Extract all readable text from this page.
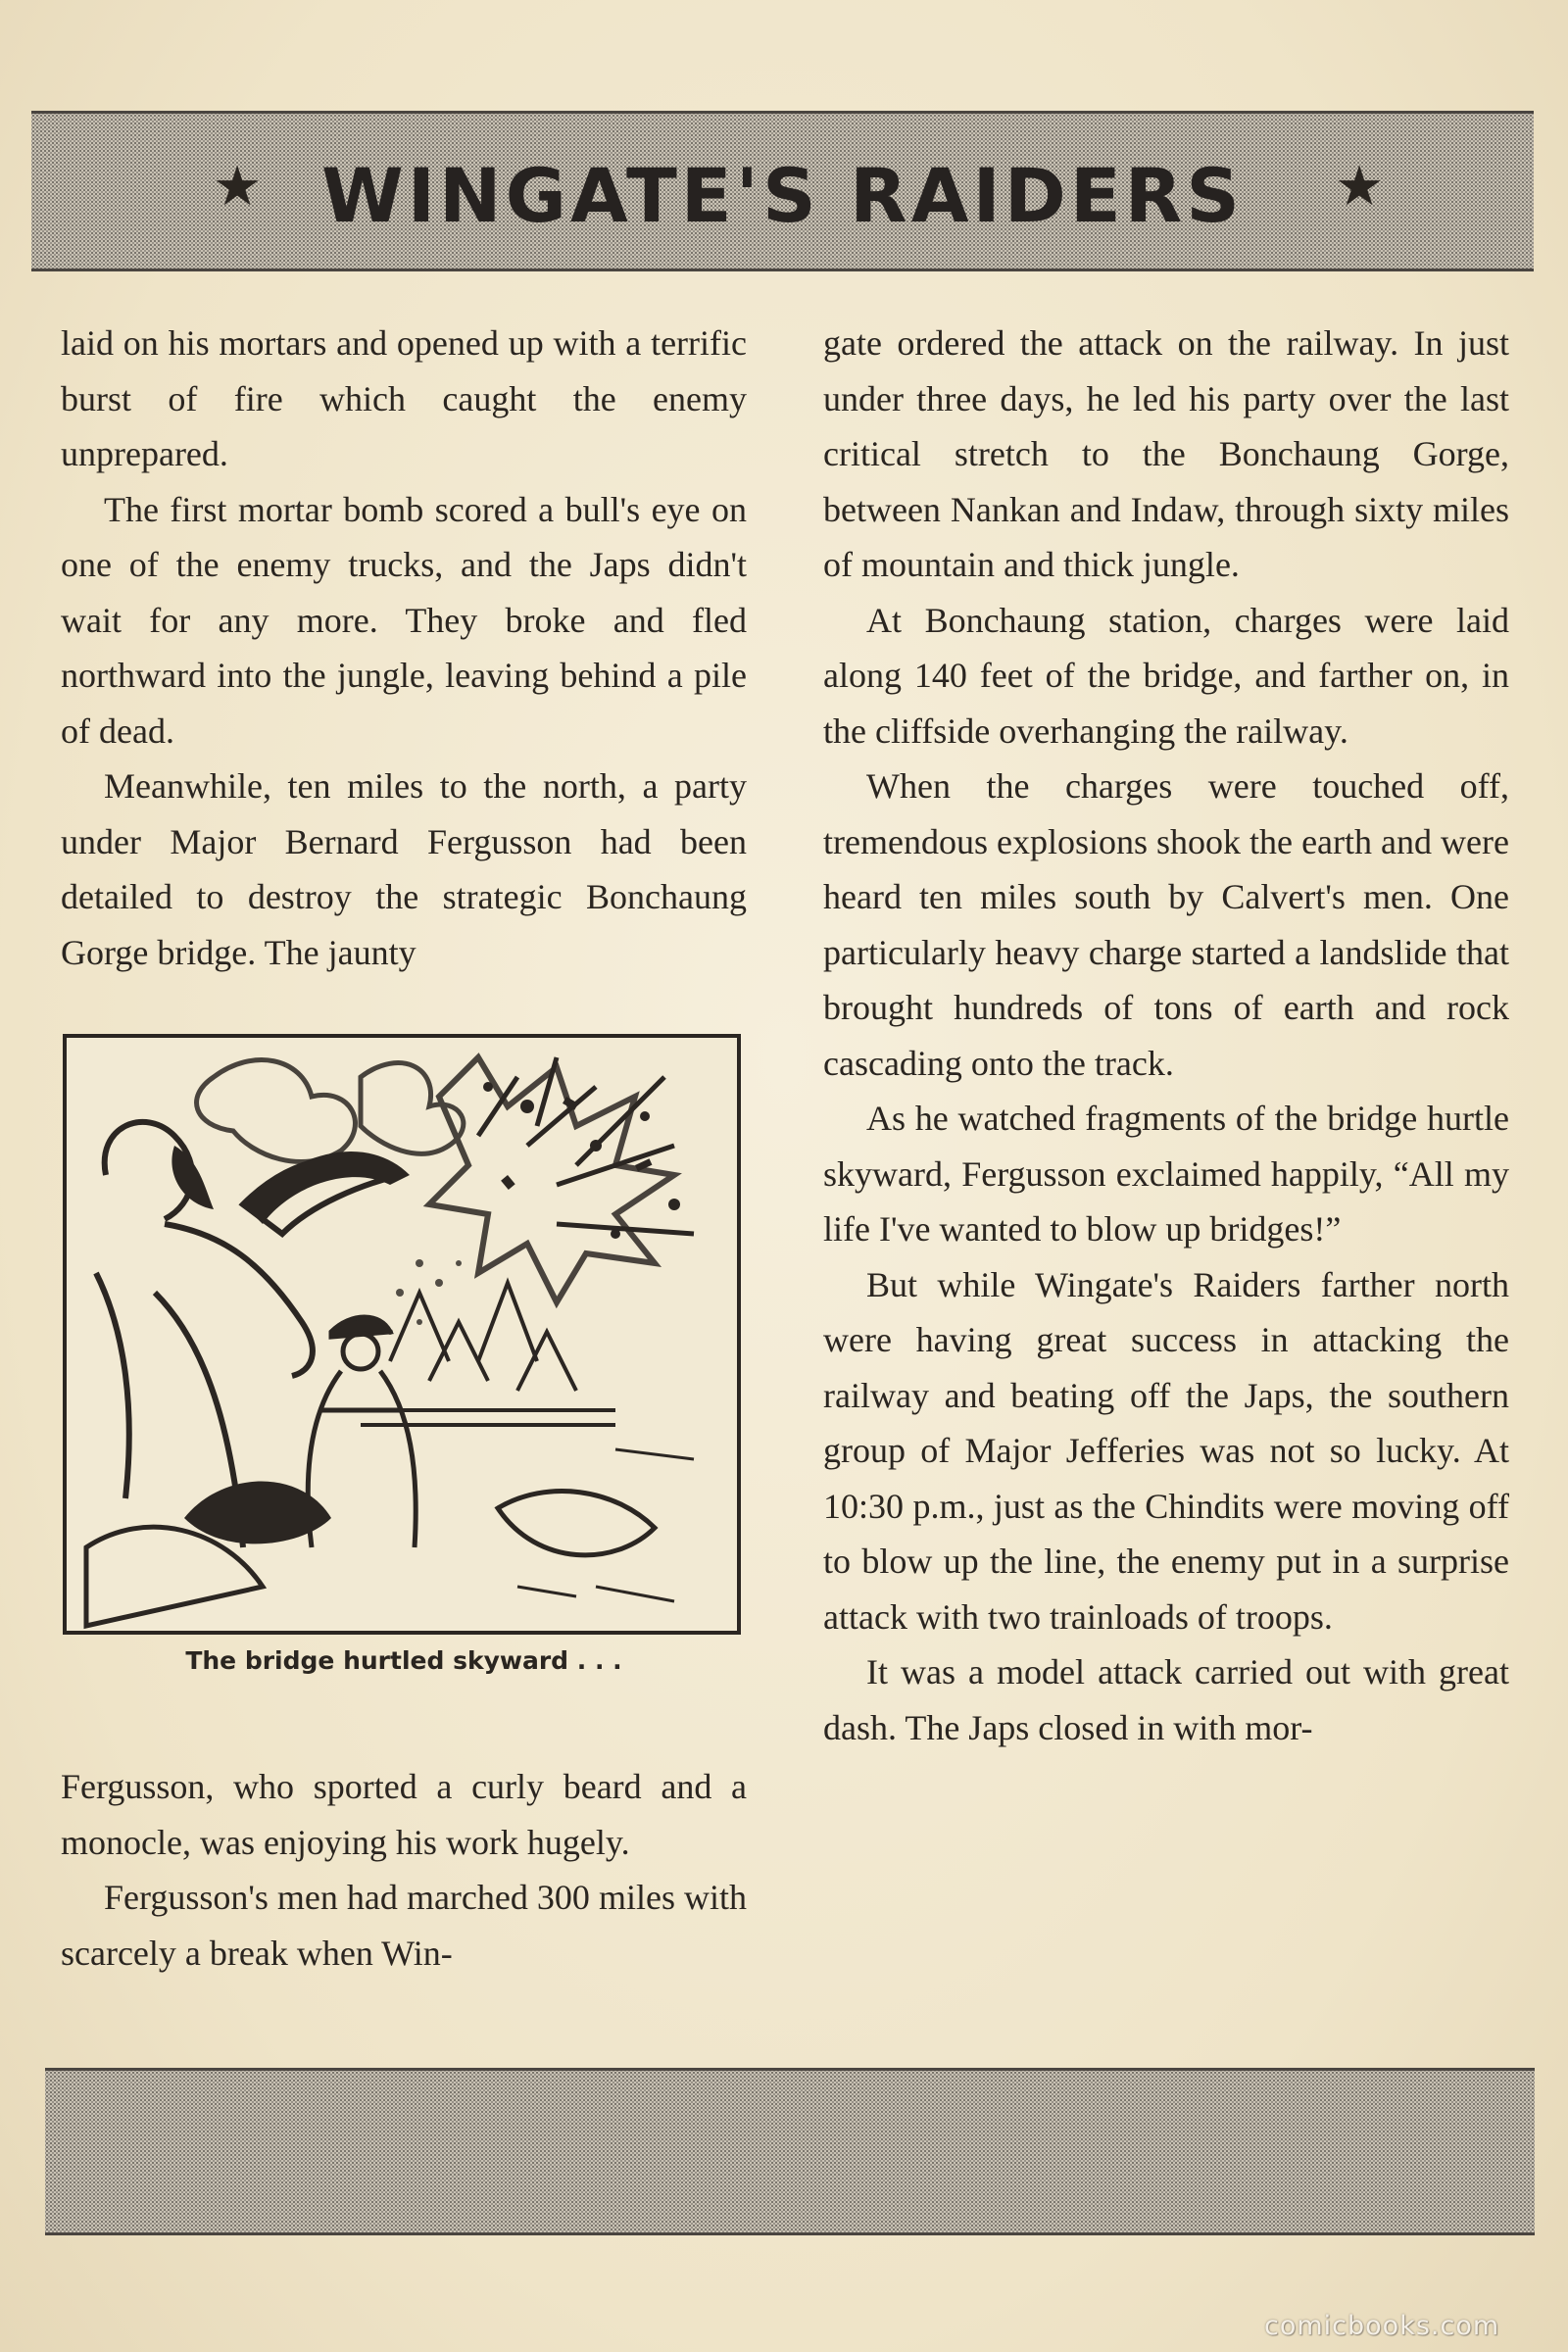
★ WINGATE'S RAIDERS ★

laid on his mortars and opened up with a terrific burst of fire which caught the enemy unprepared.

The first mortar bomb scored a bull's eye on one of the enemy trucks, and the Japs didn't wait for any more. They broke and fled northward into the jungle, leaving behind a pile of dead.

Meanwhile, ten miles to the north, a party under Major Bernard Fergusson had been detailed to destroy the strategic Bonchaung Gorge bridge. The jaunty

The bridge hurtled skyward . . .

Fergusson, who sported a curly beard and a monocle, was enjoying his work hugely.

Fergusson's men had marched 300 miles with scarcely a break when Win-

gate ordered the attack on the railway. In just under three days, he led his party over the last critical stretch to the Bonchaung Gorge, between Nankan and Indaw, through sixty miles of mountain and thick jungle.

At Bonchaung station, charges were laid along 140 feet of the bridge, and farther on, in the cliffside overhanging the railway.

When the charges were touched off, tremendous explosions shook the earth and were heard ten miles south by Calvert's men. One particularly heavy charge started a landslide that brought hundreds of tons of earth and rock cascading onto the track.

As he watched fragments of the bridge hurtle skyward, Fergusson exclaimed happily, “All my life I've wanted to blow up bridges!”

But while Wingate's Raiders farther north were having great success in attacking the railway and beating off the Japs, the southern group of Major Jefferies was not so lucky. At 10:30 p.m., just as the Chindits were moving off to blow up the line, the enemy put in a surprise attack with two trainloads of troops.

It was a model attack carried out with great dash. The Japs closed in with mor-

comicbooks.com
